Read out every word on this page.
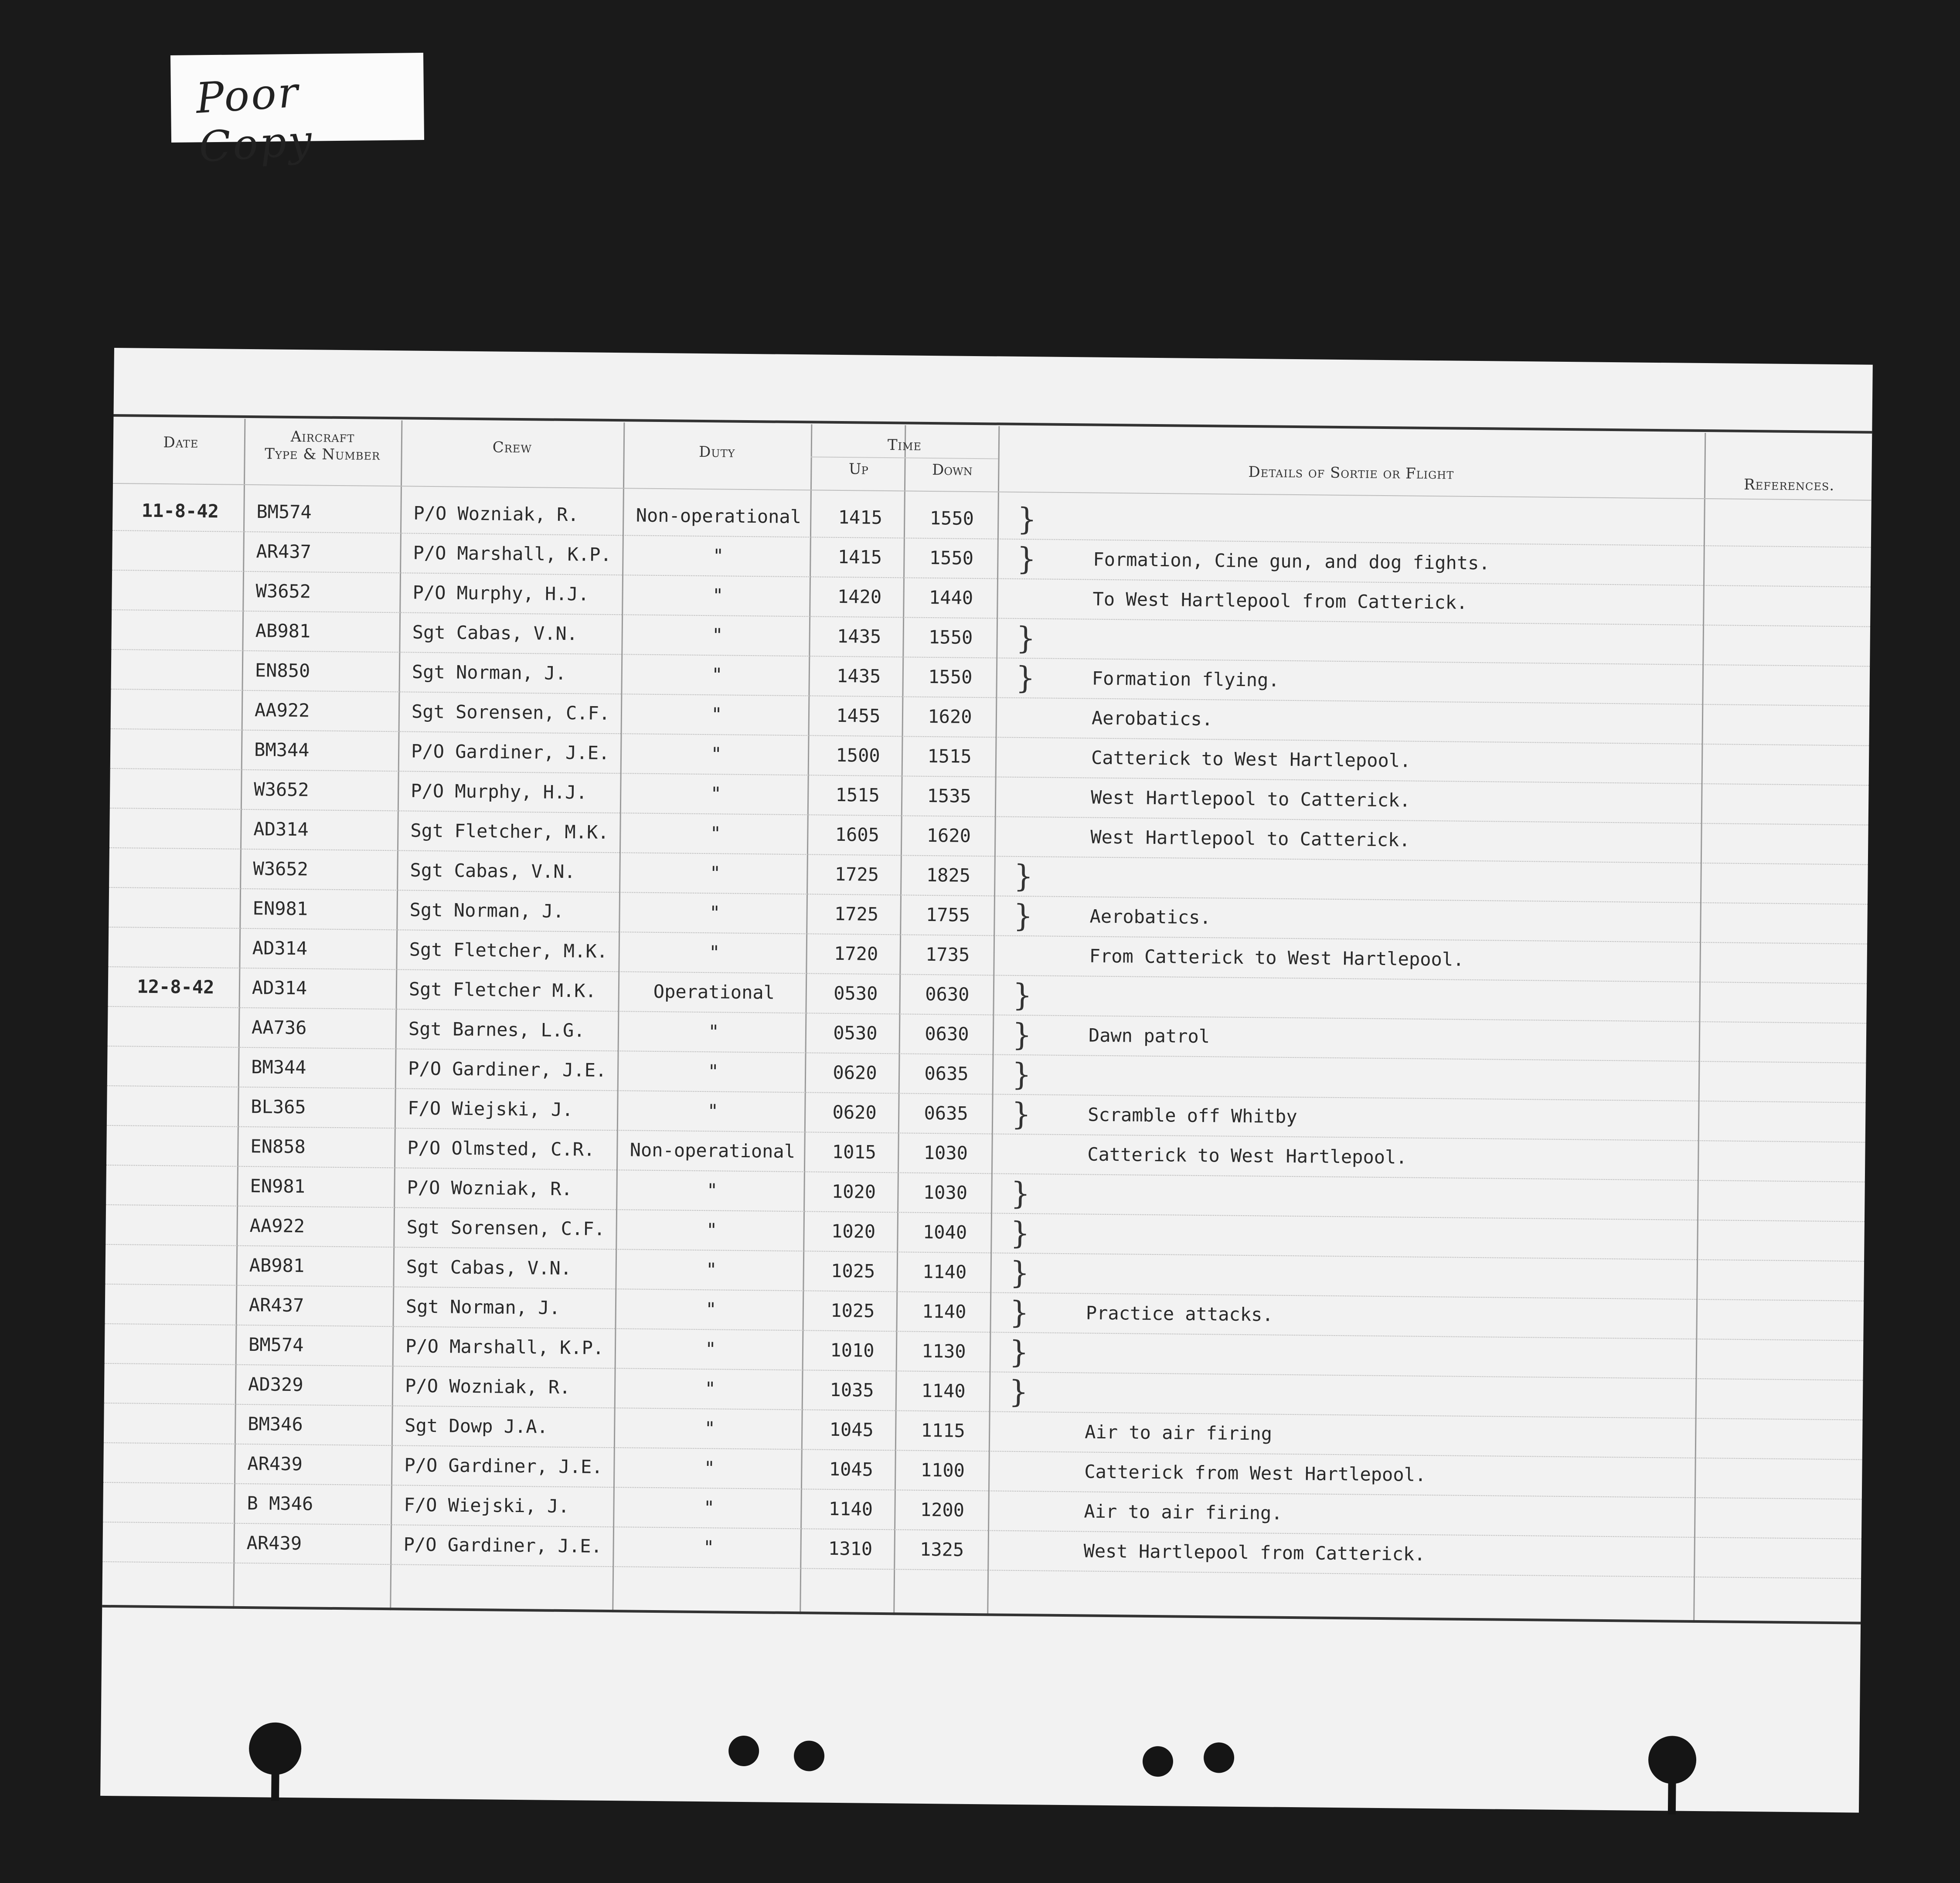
Poor Copy
Date	Aircraft
Type & Number	Crew	Duty	Time
Up	Down	Details of Sortie or Flight
References.
11-8-42	BM574	P/O Wozniak, R.	Non-operational	1415	1550
AR437	P/O Marshall, K.P.	"	1415	1550	Formation, Cine gun, and dog fights.
W3652	P/O Murphy, H.J.	"	1420	1440	To West Hartlepool from Catterick.
AB981	Sgt Cabas, V.N.	"	1435	1550
EN850	Sgt Norman, J.	"	1435	1550	Formation flying.
AA922	Sgt Sorensen, C.F.	"	1455	1620	Aerobatics.
BM344	P/O Gardiner, J.E.	"	1500	1515	Catterick to West Hartlepool.
W3652	P/O Murphy, H.J.	"	1515	1535	West Hartlepool to Catterick.
AD314	Sgt Fletcher, M.K.	"	1605	1620	West Hartlepool to Catterick.
W3652	Sgt Cabas, V.N.	"	1725	1825
EN981	Sgt Norman, J.	"	1725	1755	Aerobatics.
AD314	Sgt Fletcher, M.K.	"	1720	1735	From Catterick to West Hartlepool.
12-8-42	AD314	Sgt Fletcher M.K.	Operational	0530	0630
AA736	Sgt Barnes, L.G.	"	0530	0630	Dawn patrol
BM344	P/O Gardiner, J.E.	"	0620	0635
BL365	F/O Wiejski, J.	"	0620	0635	Scramble off Whitby
EN858	P/O Olmsted, C.R.	Non-operational	1015	1030	Catterick to West Hartlepool.
EN981	P/O Wozniak, R.	"	1020	1030
AA922	Sgt Sorensen, C.F.	"	1020	1040
AB981	Sgt Cabas, V.N.	"	1025	1140
AR437	Sgt Norman, J.	"	1025	1140	Practice attacks.
BM574	P/O Marshall, K.P.	"	1010	1130
AD329	P/O Wozniak, R.	"	1035	1140
BM346	Sgt Dowp J.A.	"	1045	1115	Air to air firing
AR439	P/O Gardiner, J.E.	"	1045	1100	Catterick from West Hartlepool.
B M346	F/O Wiejski, J.	"	1140	1200	Air to air firing.
AR439	P/O Gardiner, J.E.	"	1310	1325	West Hartlepool from Catterick.
}
}
}
}
}
}
}
}
}
}
}
}
}
}
}
}
